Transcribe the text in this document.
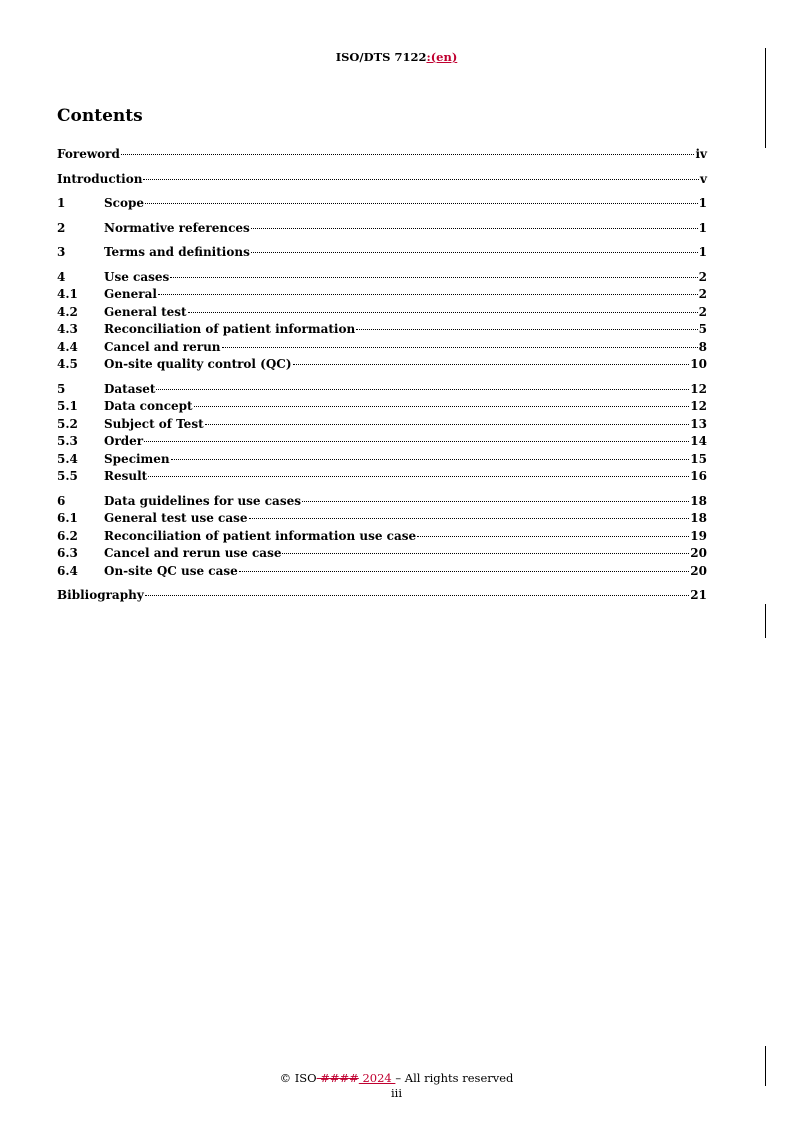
ISO/DTS 7122:(en)
Contents
Foreword	iv
Introduction	v
1	Scope	1
2	Normative references	1
3	Terms and definitions	1
4	Use cases	2
4.1	General	2
4.2	General test	2
4.3	Reconciliation of patient information	5
4.4	Cancel and rerun	8
4.5	On-site quality control (QC)	10
5	Dataset	12
5.1	Data concept	12
5.2	Subject of Test	13
5.3	Order	14
5.4	Specimen	15
5.5	Result	16
6	Data guidelines for use cases	18
6.1	General test use case	18
6.2	Reconciliation of patient information use case	19
6.3	Cancel and rerun use case	20
6.4	On-site QC use case	20
Bibliography	21
© ISO #### 2024 – All rights reserved
iii
